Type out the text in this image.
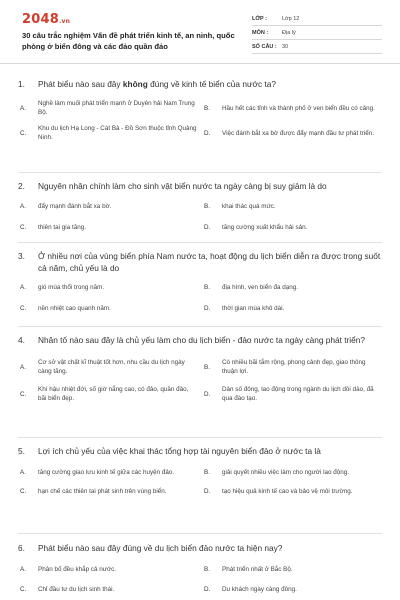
2048.vn
30 câu trắc nghiệm Vấn đề phát triển kinh tế, an ninh, quốc phòng ở biển đông và các đảo quần đảo
LỚP :	Lớp 12
MÔN :	Địa lý
SỐ CÂU : 30
1.	Phát biểu nào sau đây không đúng về kinh tế biển của nước ta?
A.
Nghề làm muối phát triển mạnh ở Duyên hải Nam Trung Bộ.
B.	Hầu hết các tỉnh và thành phố ở ven biển đều có cảng.
C.
Khu du lịch Hạ Long - Cát Bà - Đồ Sơn thuộc tỉnh Quảng Ninh.
D.	Việc đánh bắt xa bờ được đẩy mạnh đầu tư phát triển.
2.	Nguyên nhân chính làm cho sinh vật biển nước ta ngày càng bị suy giảm là do
A.	đẩy mạnh đánh bắt xa bờ.	B.	khai thác quá mức.
C.	thiên tai gia tăng.	D.	tăng cường xuất khẩu hải sản.
3.	Ở nhiều nơi của vùng biển phía Nam nước ta, hoạt động du lịch biển diễn ra được trong suốt cả năm, chủ yếu là do
A.	gió mùa thổi trong năm.	B.	địa hình, ven biển đa dạng.
C.	nền nhiệt cao quanh năm.	D.	thời gian mùa khô dài.
4.	Nhân tố nào sau đây là chủ yếu làm cho du lịch biển - đảo nước ta ngày càng phát triển?
A.
Cơ sở vật chất kĩ thuật tốt hơn, nhu cầu du lịch ngày càng tăng.
B.
Có nhiều bãi tắm rộng, phong cảnh đẹp, giao thông thuận lợi.
C.
Khí hậu nhiệt đới, số giờ nắng cao, có đảo, quần đảo, bãi biển đẹp.
D.
Dân số đông, lao động trong ngành du lịch dồi dào, đã qua đào tạo.
5.	Lợi ích chủ yếu của việc khai thác tổng hợp tài nguyên biển đảo ở nước ta là
A.	tăng cường giao lưu kinh tế giữa các huyện đảo.	B.	giải quyết nhiều việc làm cho người lao động.
C.	hạn chế các thiên tai phát sinh trên vùng biển.	D.	tạo hiệu quả kinh tế cao và bảo vệ môi trường.
6.	Phát biểu nào sau đây đúng về du lịch biển đảo nước ta hiện nay?
A.	Phân bố đều khắp cả nước.	B.	Phát triển nhất ở Bắc Bộ.
C.	Chỉ đầu tư du lịch sinh thái.	D.	Du khách ngày càng đông.
